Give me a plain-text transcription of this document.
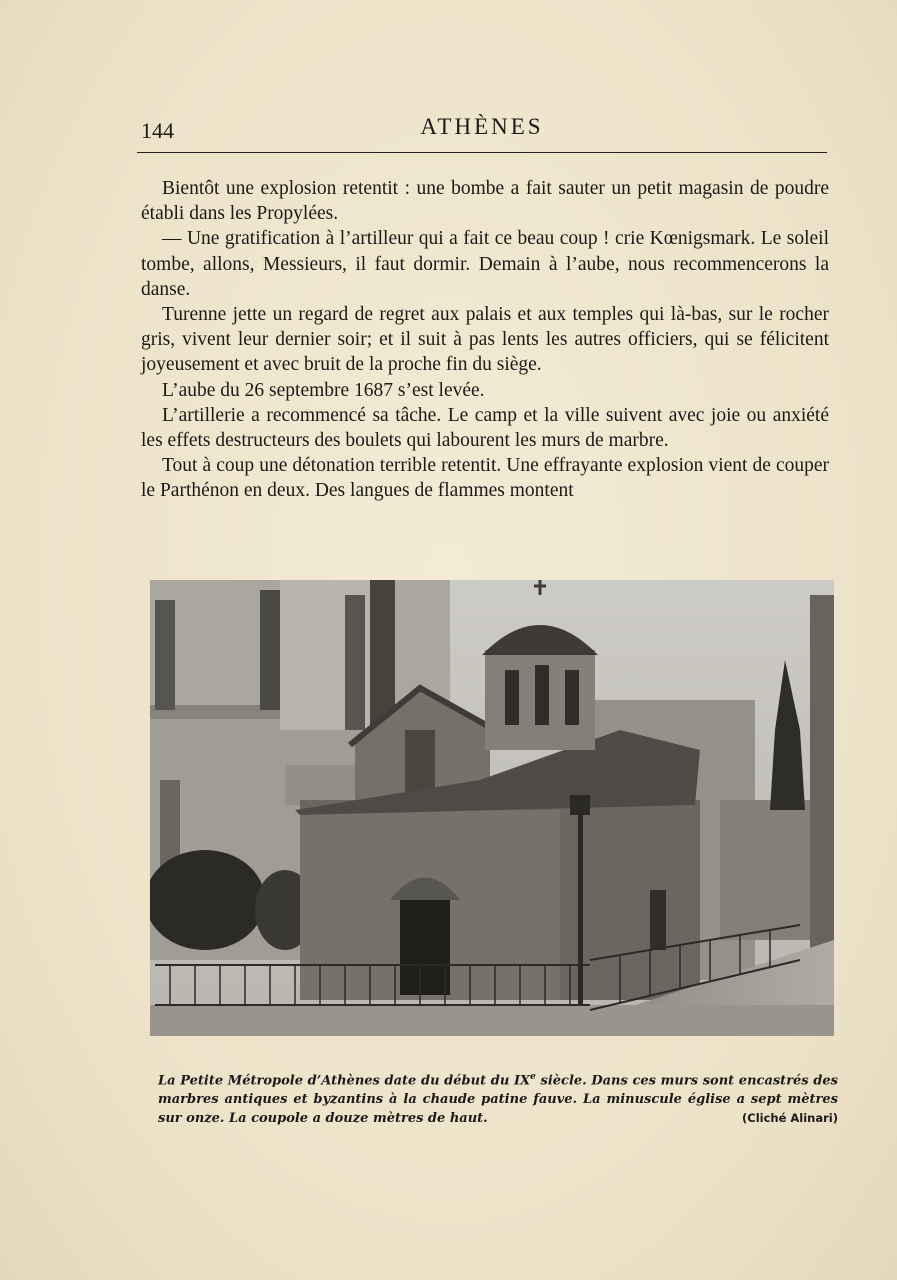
144	ATHÈNES

Bientôt une explosion retentit : une bombe a fait sauter un petit magasin de poudre établi dans les Propylées.

— Une gratification à l’artilleur qui a fait ce beau coup ! crie Kœnigsmark. Le soleil tombe, allons, Messieurs, il faut dormir. Demain à l’aube, nous recommencerons la danse.

Turenne jette un regard de regret aux palais et aux temples qui là-bas, sur le rocher gris, vivent leur dernier soir; et il suit à pas lents les autres officiers, qui se félicitent joyeusement et avec bruit de la proche fin du siège.

L’aube du 26 septembre 1687 s’est levée.

L’artillerie a recommencé sa tâche. Le camp et la ville suivent avec joie ou anxiété les effets destructeurs des boulets qui labourent les murs de marbre.

Tout à coup une détonation terrible retentit. Une effrayante explosion vient de couper le Parthénon en deux. Des langues de flammes montent

La Petite Métropole d’Athènes date du début du IXe siècle. Dans ces murs sont encastrés des marbres antiques et byzantins à la chaude patine fauve. La minuscule église a sept mètres sur onze. La coupole a douze mètres de haut.	(Cliché Alinari)
